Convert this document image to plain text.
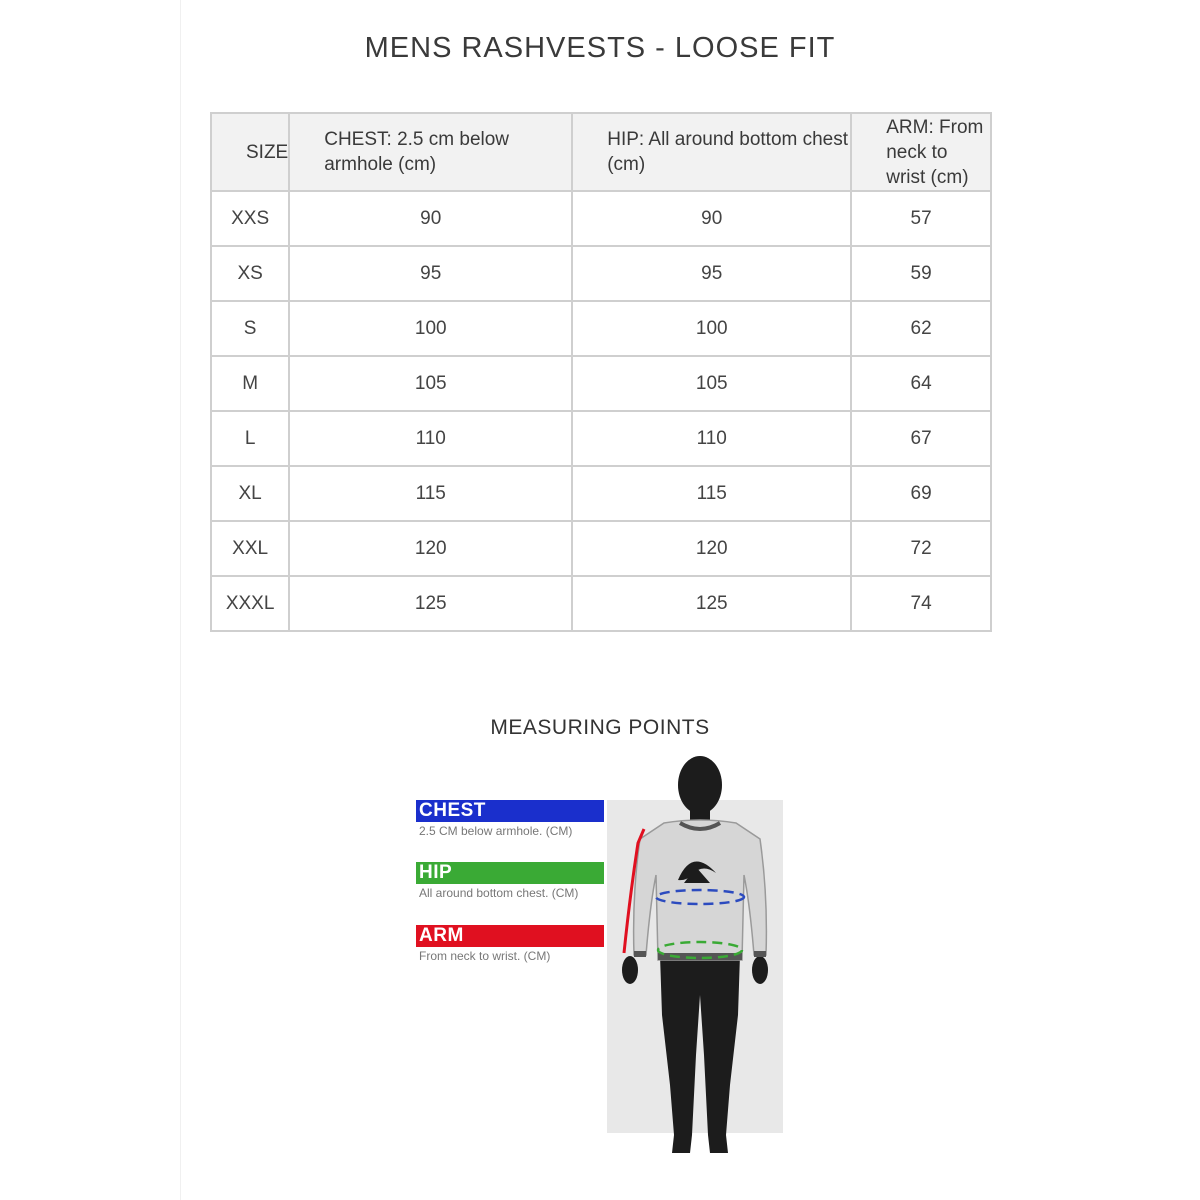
MENS RASHVESTS - LOOSE FIT
SIZE	CHEST: 2.5 cm below armhole (cm)	HIP: All around bottom chest (cm)	ARM: From neck to wrist (cm)
XXS	90	90	57
XS	95	95	59
S	100	100	62
M	105	105	64
L	110	110	67
XL	115	115	69
XXL	120	120	72
XXXL	125	125	74
MEASURING POINTS
CHEST
2.5 CM below armhole. (CM)
HIP
All around bottom chest. (CM)
ARM
From neck to wrist. (CM)
